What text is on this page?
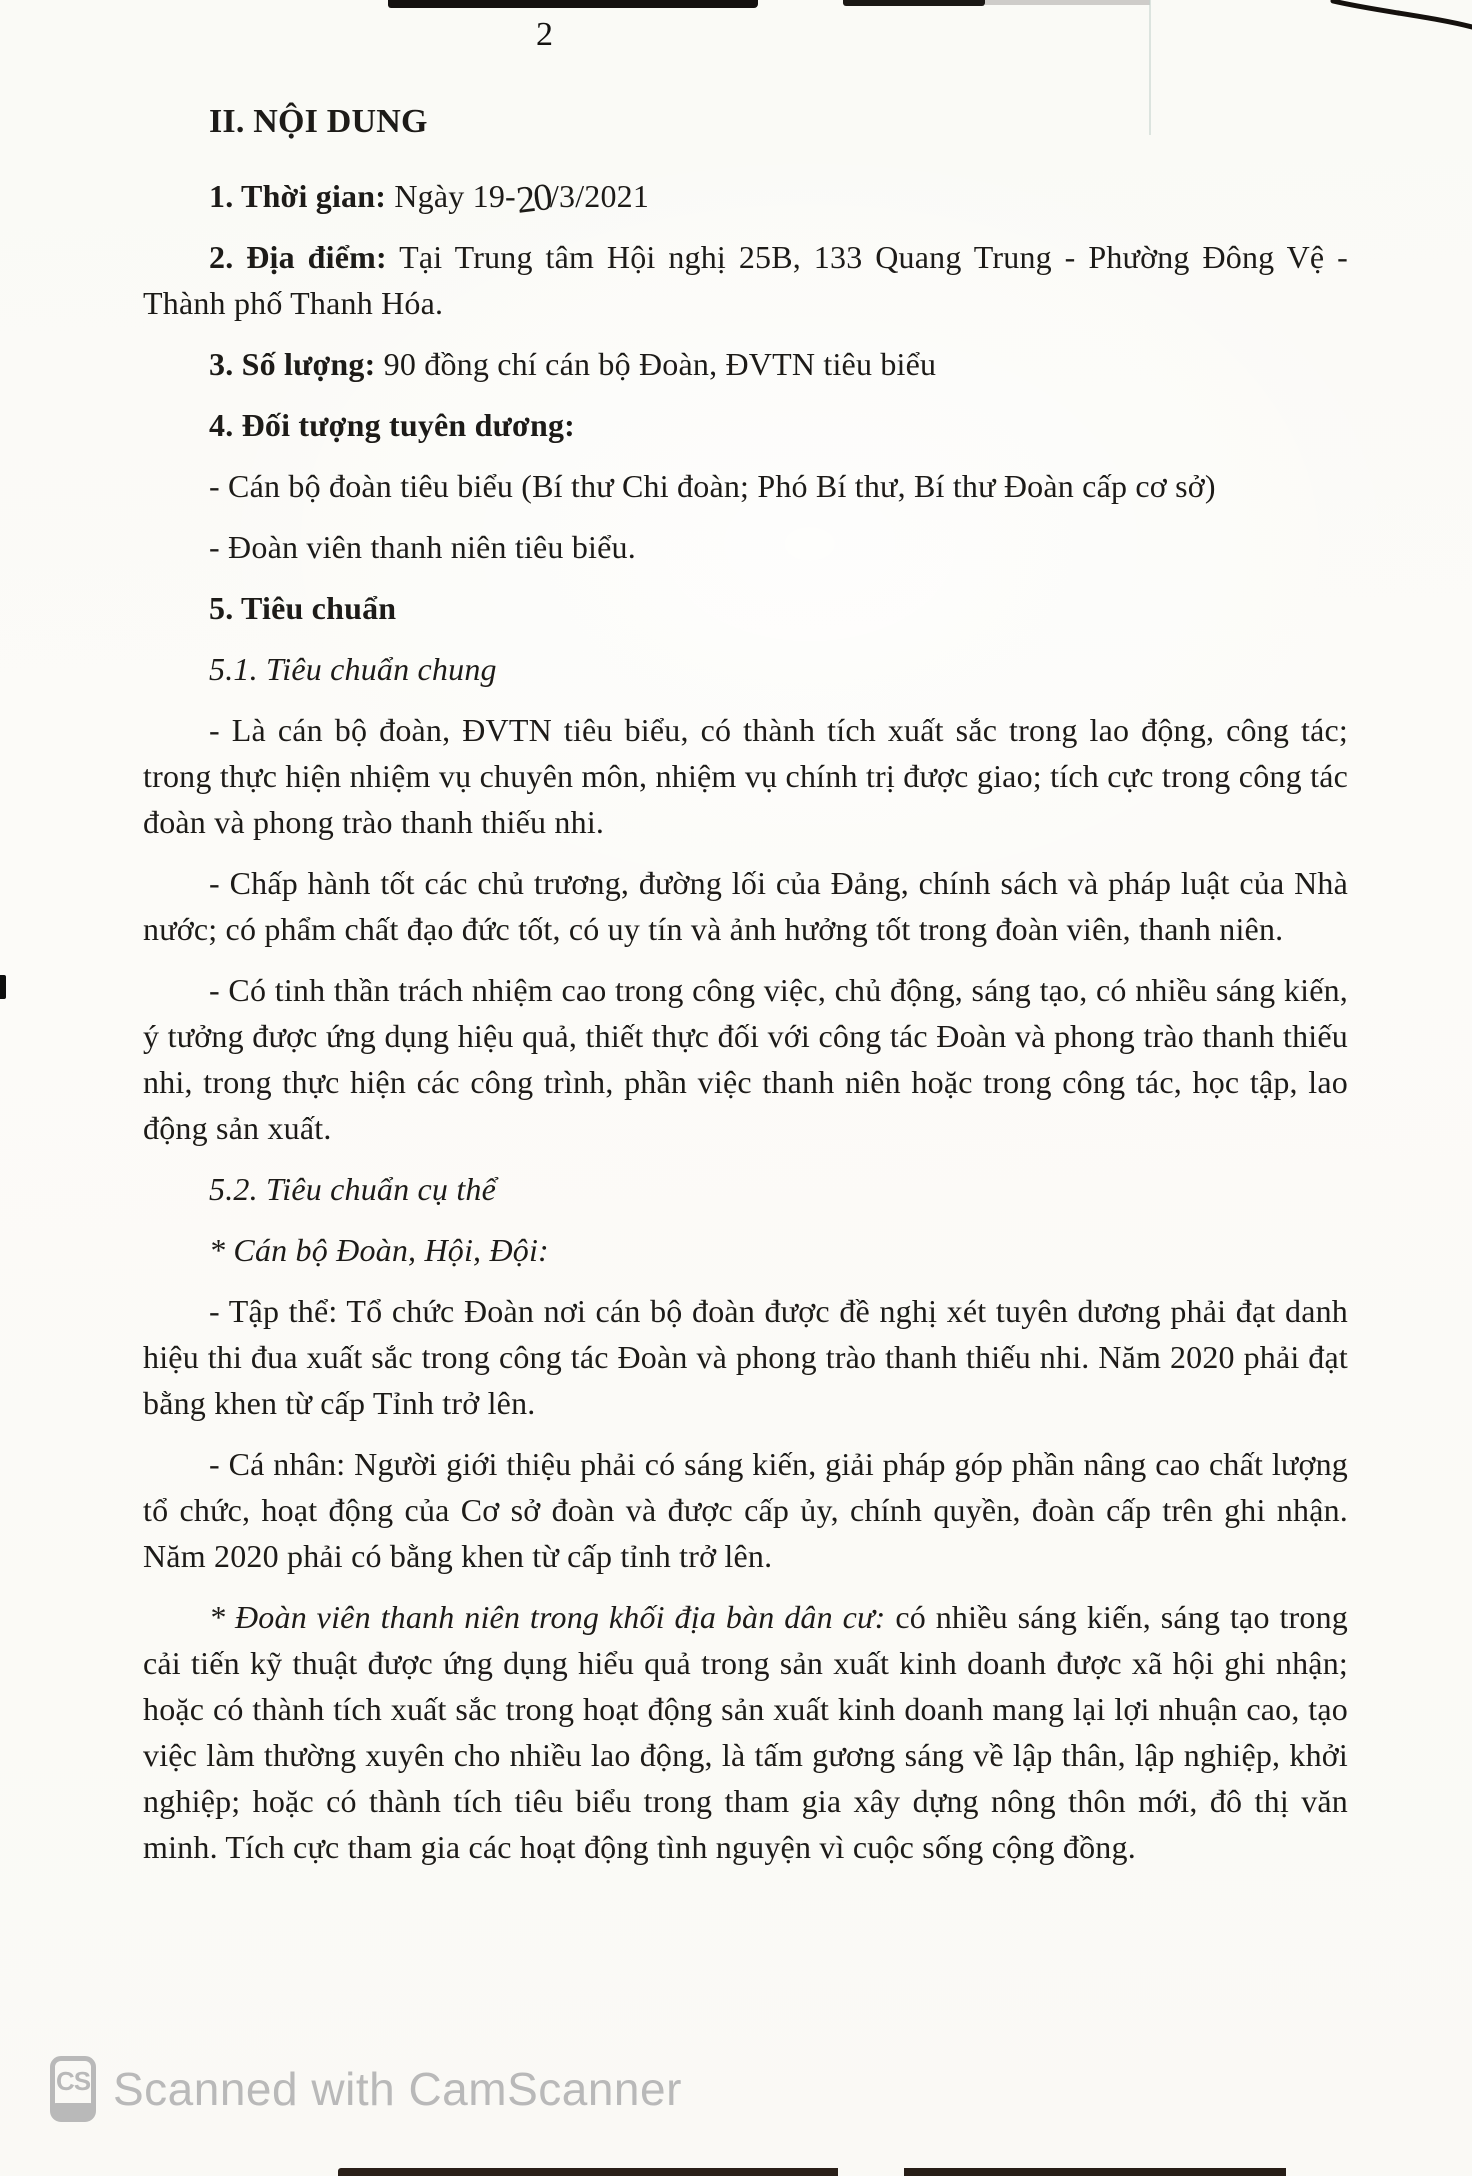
2

II. NỘI DUNG

1. Thời gian: Ngày 19-20/3/2021

2. Địa điểm: Tại Trung tâm Hội nghị 25B, 133 Quang Trung - Phường Đông Vệ - Thành phố Thanh Hóa.

3. Số lượng: 90 đồng chí cán bộ Đoàn, ĐVTN tiêu biểu

4. Đối tượng tuyên dương:

- Cán bộ đoàn tiêu biểu (Bí thư Chi đoàn; Phó Bí thư, Bí thư Đoàn cấp cơ sở)

- Đoàn viên thanh niên tiêu biểu.

5. Tiêu chuẩn

5.1. Tiêu chuẩn chung

- Là cán bộ đoàn, ĐVTN tiêu biểu, có thành tích xuất sắc trong lao động, công tác; trong thực hiện nhiệm vụ chuyên môn, nhiệm vụ chính trị được giao; tích cực trong công tác đoàn và phong trào thanh thiếu nhi.

- Chấp hành tốt các chủ trương, đường lối của Đảng, chính sách và pháp luật của Nhà nước; có phẩm chất đạo đức tốt, có uy tín và ảnh hưởng tốt trong đoàn viên, thanh niên.

- Có tinh thần trách nhiệm cao trong công việc, chủ động, sáng tạo, có nhiều sáng kiến, ý tưởng được ứng dụng hiệu quả, thiết thực đối với công tác Đoàn và phong trào thanh thiếu nhi, trong thực hiện các công trình, phần việc thanh niên hoặc trong công tác, học tập, lao động sản xuất.

5.2. Tiêu chuẩn cụ thể

* Cán bộ Đoàn, Hội, Đội:

- Tập thể: Tổ chức Đoàn nơi cán bộ đoàn được đề nghị xét tuyên dương phải đạt danh hiệu thi đua xuất sắc trong công tác Đoàn và phong trào thanh thiếu nhi. Năm 2020 phải đạt bằng khen từ cấp Tỉnh trở lên.

- Cá nhân: Người giới thiệu phải có sáng kiến, giải pháp góp phần nâng cao chất lượng tổ chức, hoạt động của Cơ sở đoàn và được cấp ủy, chính quyền, đoàn cấp trên ghi nhận. Năm 2020 phải có bằng khen từ cấp tỉnh trở lên.

* Đoàn viên thanh niên trong khối địa bàn dân cư: có nhiều sáng kiến, sáng tạo trong cải tiến kỹ thuật được ứng dụng hiểu quả trong sản xuất kinh doanh được xã hội ghi nhận; hoặc có thành tích xuất sắc trong hoạt động sản xuất kinh doanh mang lại lợi nhuận cao, tạo việc làm thường xuyên cho nhiều lao động, là tấm gương sáng về lập thân, lập nghiệp, khởi nghiệp; hoặc có thành tích tiêu biểu trong tham gia xây dựng nông thôn mới, đô thị văn minh. Tích cực tham gia các hoạt động tình nguyện vì cuộc sống cộng đồng.

CS Scanned with CamScanner
